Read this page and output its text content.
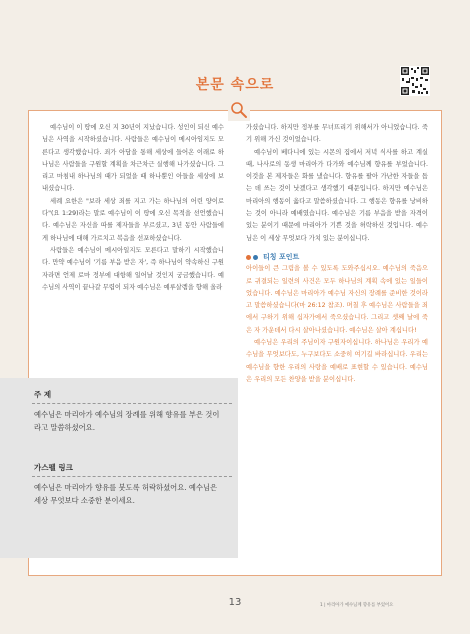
본문 속으로

예수님이 이 땅에 오신 지 30년이 지났습니다. 성인이 되신 예수님은 사역을 시작하셨습니다. 사람들은 예수님이 메시아임지도 모른다고 생각했습니다. 죄가 아담을 통해 세상에 들어온 이래로 하나님은 사람들을 구원할 계획을 차근차근 실행해 나가셨습니다. 그리고 마침내 하나님의 때가 되었을 때 하나뿐인 아들을 세상에 보내셨습니다.

세례 요한은 "보라 세상 죄를 지고 가는 하나님의 어린 양이로다"(요 1:29)라는 말로 예수님이 이 땅에 오신 목적을 선언했습니다. 예수님은 자신을 따를 제자들을 부르셨고, 3년 동안 사람들에게 하나님에 대해 가르치고 복음을 선포하셨습니다.

사람들은 예수님이 메시아일지도 모른다고 말하기 시작했습니다. 만약 예수님이 '기름 부음 받은 자', 즉 하나님이 약속하신 구원자라면 언제 로마 정부에 대항해 일어날 것인지 궁금했습니다. 예수님의 사역이 끝나갈 무렵이 되자 예수님은 예루살렘을 향해 올라

가셨습니다. 하지만 정부를 무너뜨리기 위해서가 아니었습니다. 죽기 위해 가신 것이었습니다.

예수님이 베다니에 있는 시몬의 집에서 저녁 식사를 하고 계실 때, 나사로의 동생 마리아가 다가와 예수님께 향유를 부었습니다. 이것을 본 제자들은 화를 냈습니다. 향유를 팔아 가난한 자들을 돕는 데 쓰는 것이 낫겠다고 생각했기 때문입니다. 하지만 예수님은 마리아의 행동이 옳다고 말씀하셨습니다. 그 행동은 향유를 낭비하는 것이 아니라 예배였습니다. 예수님은 기름 부음을 받을 자격이 있는 분이기 때문에 마리아가 기쁜 것을 허락하신 것입니다. 예수님은 이 세상 무엇보다 가치 있는 분이십니다.

티칭 포인트

아이들이 큰 그림을 볼 수 있도록 도와주십시오. 예수님의 죽음으로 귀결되는 일련의 사건은 모두 하나님의 계획 속에 있는 일들이었습니다. 예수님은 마리아가 예수님 자신의 장례를 준비한 것이라고 말씀하셨습니다(마 26:12 참조). 며칠 후 예수님은 사람들을 죄에서 구하기 위해 십자가에서 죽으셨습니다. 그리고 셋째 날에 죽은 자 가운데서 다시 살아나셨습니다. 예수님은 살아 계십니다!

예수님은 우리의 주님이자 구원자이십니다. 하나님은 우리가 예수님을 무엇보다도, 누구보다도 소중히 여기길 바라십니다. 우리는 예수님을 향한 우리의 사랑을 예배로 표현할 수 있습니다. 예수님은 우리의 모든 찬양을 받을 분이십니다.

주 제
예수님은 마리아가 예수님의 장례를 위해 향유를 부은 것이라고 말씀하셨어요.
가스펠 링크
예수님은 마리아가 향유를 붓도록 허락하셨어요. 예수님은 세상 무엇보다 소중한 분이세요.
13	1 | 마리아가 예수님께 향유를 부었어요
